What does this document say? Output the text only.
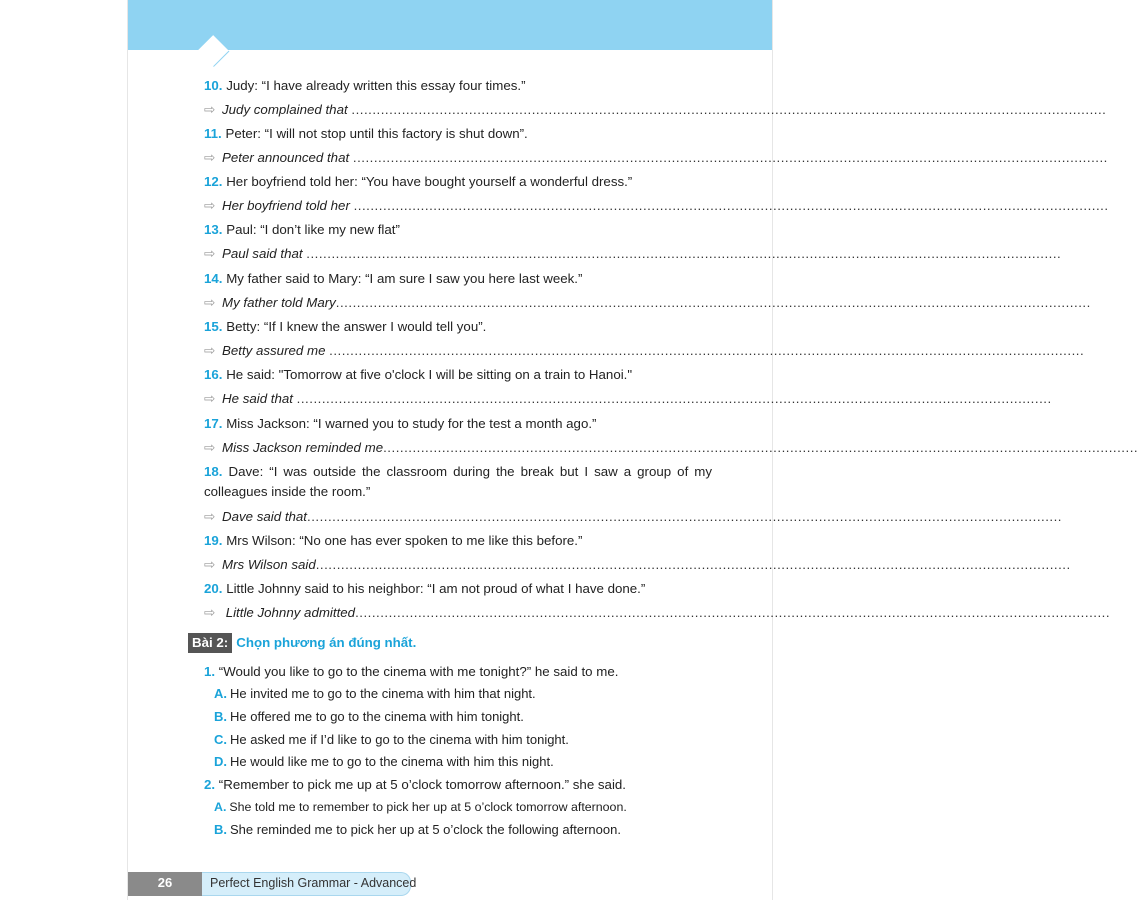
10. Judy: “I have already written this essay four times.”
⇨ Judy complained that ....................................................................................................................................................................................
11. Peter: “I will not stop until this factory is shut down”.
⇨ Peter announced that ....................................................................................................................................................................................
12. Her boyfriend told her: “You have bought yourself a wonderful dress.”
⇨ Her boyfriend told her ....................................................................................................................................................................................
13. Paul: “I don’t like my new flat”
⇨ Paul said that ....................................................................................................................................................................................
14. My father said to Mary: “I am sure I saw you here last week.”
⇨ My father told Mary....................................................................................................................................................................................
15. Betty: “If I knew the answer I would tell you”.
⇨ Betty assured me ....................................................................................................................................................................................
16. He said: "Tomorrow at five o'clock I will be sitting on a train to Hanoi."
⇨ He said that ....................................................................................................................................................................................
17. Miss Jackson: “I warned you to study for the test a month ago.”
⇨ Miss Jackson reminded me....................................................................................................................................................................................
18. Dave: “I was outside the classroom during the break but I saw a group of my colleagues inside the room.”
⇨ Dave said that....................................................................................................................................................................................
19. Mrs Wilson: “No one has ever spoken to me like this before.”
⇨ Mrs Wilson said....................................................................................................................................................................................
20. Little Johnny said to his neighbor: “I am not proud of what I have done.”
⇨ Little Johnny admitted....................................................................................................................................................................................
Bài 2: Chọn phương án đúng nhất.
1. “Would you like to go to the cinema with me tonight?” he said to me.
A. He invited me to go to the cinema with him that night.
B. He offered me to go to the cinema with him tonight.
C. He asked me if I’d like to go to the cinema with him tonight.
D. He would like me to go to the cinema with him this night.
2. “Remember to pick me up at 5 o’clock tomorrow afternoon.” she said.
A. She told me to remember to pick her up at 5 o’clock tomorrow afternoon.
B. She reminded me to pick her up at 5 o’clock the following afternoon.
26	Perfect English Grammar - Advanced
